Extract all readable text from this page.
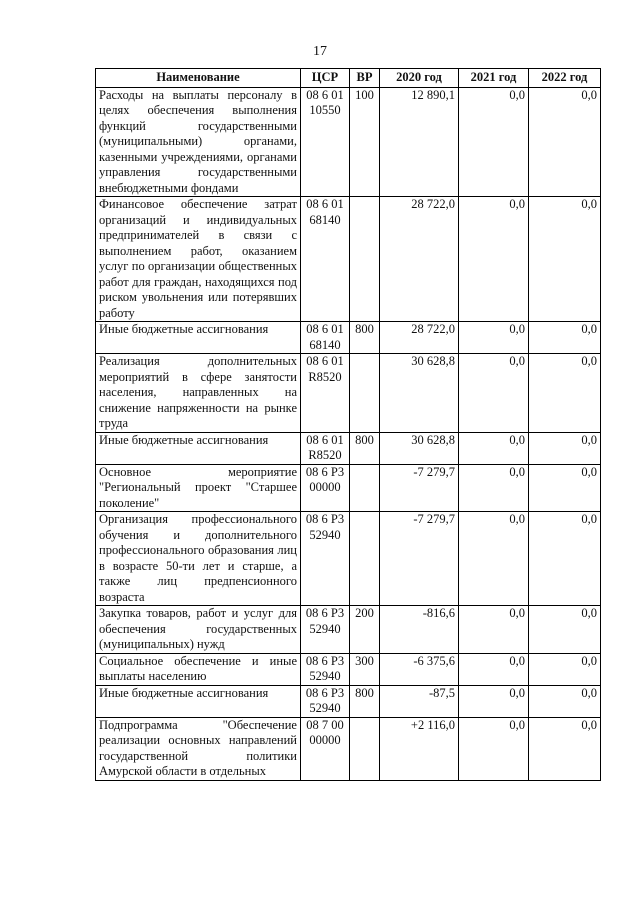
17
Наименование	ЦСР	ВР	2020 год	2021 год	2022 год
Расходы на выплаты персоналу в целях обеспечения выполнения функций государственными (муниципальными) органами, казенными учреждениями, органами управления государственными внебюджетными фондами	08 6 01 10550	100	12 890,1	0,0	0,0
Финансовое обеспечение затрат организаций и индивидуальных предпринимателей в связи с выполнением работ, оказанием услуг по организации общественных работ для граждан, находящихся под риском увольнения или потерявших работу	08 6 01 68140		28 722,0	0,0	0,0
Иные бюджетные ассигнования	08 6 01 68140	800	28 722,0	0,0	0,0
Реализация дополнительных мероприятий в сфере занятости населения, направленных на снижение напряженности на рынке труда	08 6 01 R8520		30 628,8	0,0	0,0
Иные бюджетные ассигнования	08 6 01 R8520	800	30 628,8	0,0	0,0
Основное мероприятие "Региональный проект "Старшее поколение"	08 6 P3 00000		-7 279,7	0,0	0,0
Организация профессионального обучения и дополнительного профессионального образования лиц в возрасте 50-ти лет и старше, а также лиц предпенсионного возраста	08 6 P3 52940		-7 279,7	0,0	0,0
Закупка товаров, работ и услуг для обеспечения государственных (муниципальных) нужд	08 6 P3 52940	200	-816,6	0,0	0,0
Социальное обеспечение и иные выплаты населению	08 6 P3 52940	300	-6 375,6	0,0	0,0
Иные бюджетные ассигнования	08 6 P3 52940	800	-87,5	0,0	0,0
Подпрограмма "Обеспечение реализации основных направлений государственной политики Амурской области в отдельных	08 7 00 00000		+2 116,0	0,0	0,0
